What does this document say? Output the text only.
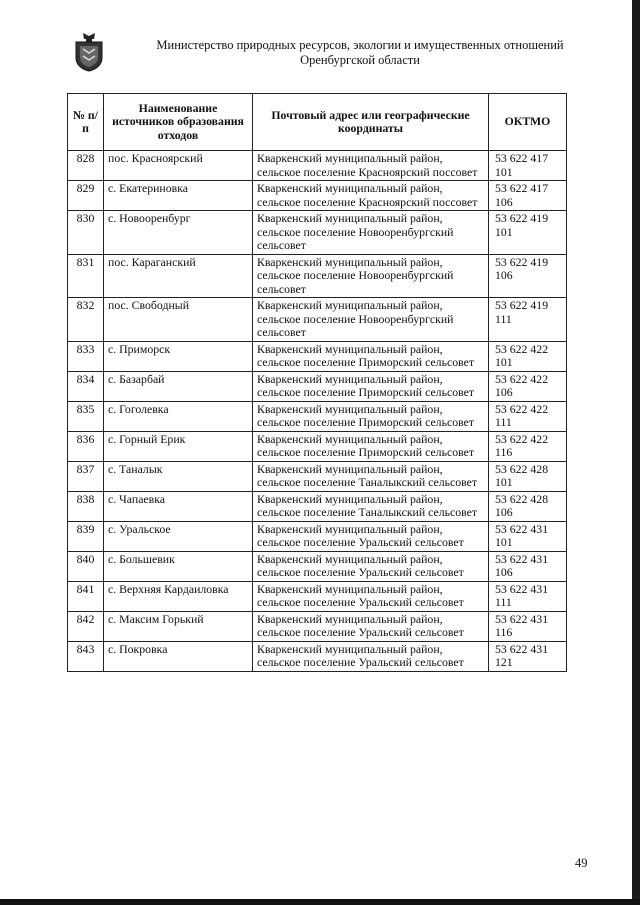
Министерство природных ресурсов, экологии и имущественных отношений
Оренбургской области
№ п/п	Наименование источников образования отходов	Почтовый адрес или географические координаты	ОКТМО
828	пос. Красноярский	Кваркенский муниципальный район, сельское поселение Красноярский поссовет	53 622 417 101
829	с. Екатериновка	Кваркенский муниципальный район, сельское поселение Красноярский поссовет	53 622 417 106
830	с. Новооренбург	Кваркенский муниципальный район, сельское поселение Новооренбургский сельсовет	53 622 419 101
831	пос. Караганский	Кваркенский муниципальный район, сельское поселение Новооренбургский сельсовет	53 622 419 106
832	пос. Свободный	Кваркенский муниципальный район, сельское поселение Новооренбургский сельсовет	53 622 419 111
833	с. Приморск	Кваркенский муниципальный район, сельское поселение Приморский сельсовет	53 622 422 101
834	с. Базарбай	Кваркенский муниципальный район, сельское поселение Приморский сельсовет	53 622 422 106
835	с. Гоголевка	Кваркенский муниципальный район, сельское поселение Приморский сельсовет	53 622 422 111
836	с. Горный Ерик	Кваркенский муниципальный район, сельское поселение Приморский сельсовет	53 622 422 116
837	с. Таналык	Кваркенский муниципальный район, сельское поселение Таналыкский сельсовет	53 622 428 101
838	с. Чапаевка	Кваркенский муниципальный район, сельское поселение Таналыкский сельсовет	53 622 428 106
839	с. Уральское	Кваркенский муниципальный район, сельское поселение Уральский сельсовет	53 622 431 101
840	с. Большевик	Кваркенский муниципальный район, сельское поселение Уральский сельсовет	53 622 431 106
841	с. Верхняя Кардаиловка	Кваркенский муниципальный район, сельское поселение Уральский сельсовет	53 622 431 111
842	с. Максим Горький	Кваркенский муниципальный район, сельское поселение Уральский сельсовет	53 622 431 116
843	с. Покровка	Кваркенский муниципальный район, сельское поселение Уральский сельсовет	53 622 431 121
49
